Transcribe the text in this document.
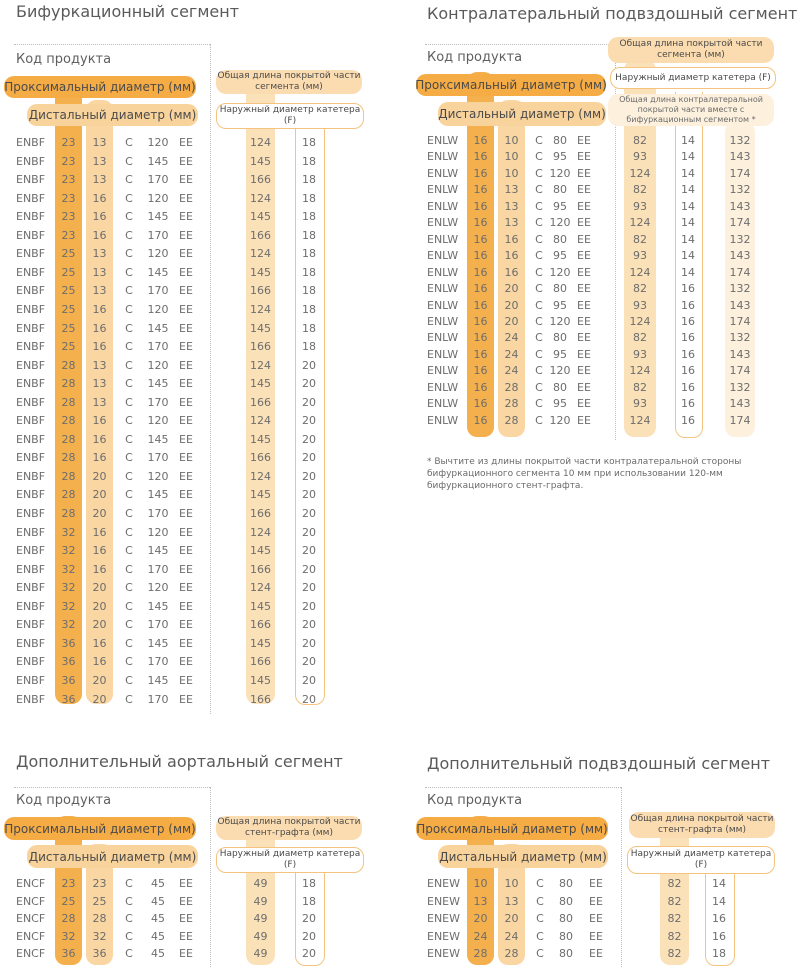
Бифуркационный сегмент
Код продукта
Проксимальный диаметр (мм)
Дистальный диаметр (мм)
Общая длина покрытой части сегмента (мм)
Наружный диаметр катетера (F)
ENBF	23	13	C	120 EE	124	18
ENBF	23	13	C	145 EE	145	18
ENBF	23	13	C	170 EE	166	18
ENBF	23	16	C	120 EE	124	18
ENBF	23	16	C	145 EE	145	18
ENBF	23	16	C	170 EE	166	18
ENBF	25	13	C	120 EE	124	18
ENBF	25	13	C	145 EE	145	18
ENBF	25	13	C	170 EE	166	18
ENBF	25	16	C	120 EE	124	18
ENBF	25	16	C	145 EE	145	18
ENBF	25	16	C	170 EE	166	18
ENBF	28	13	C	120 EE	124	20
ENBF	28	13	C	145 EE	145	20
ENBF	28	13	C	170 EE	166	20
ENBF	28	16	C	120 EE	124	20
ENBF	28	16	C	145 EE	145	20
ENBF	28	16	C	170 EE	166	20
ENBF	28	20	C	120 EE	124	20
ENBF	28	20	C	145 EE	145	20
ENBF	28	20	C	170 EE	166	20
ENBF	32	16	C	120 EE	124	20
ENBF	32	16	C	145 EE	145	20
ENBF	32	16	C	170 EE	166	20
ENBF	32	20	C	120 EE	124	20
ENBF	32	20	C	145 EE	145	20
ENBF	32	20	C	170 EE	166	20
ENBF	36	16	C	145 EE	145	20
ENBF	36	16	C	170 EE	166	20
ENBF	36	20	C	145 EE	145	20
ENBF	36	20	C	170 EE	166	20
Контралатеральный подвздошный сегмент
Код продукта
Проксимальный диаметр (мм)
Дистальный диаметр (мм)
Общая длина покрытой части сегмента (мм)
Наружный диаметр катетера (F)
Общая длина контралатеральной покрытой части вместе с бифуркационным сегментом *
ENLW	16	10	C 80 EE	82	14	132
ENLW	16	10	C 95 EE	93	14	143
ENLW	16	10	C 120 EE	124	14	174
ENLW	16	13	C 80 EE	82	14	132
ENLW	16	13	C 95 EE	93	14	143
ENLW	16	13	C 120 EE	124	14	174
ENLW	16	16	C 80 EE	82	14	132
ENLW	16	16	C 95 EE	93	14	143
ENLW	16	16	C 120 EE	124	14	174
ENLW	16	20	C 80 EE	82	16	132
ENLW	16	20	C 95 EE	93	16	143
ENLW	16	20	C 120 EE	124	16	174
ENLW	16	24	C 80 EE	82	16	132
ENLW	16	24	C 95 EE	93	16	143
ENLW	16	24	C 120 EE	124	16	174
ENLW	16	28	C 80 EE	82	16	132
ENLW	16	28	C 95 EE	93	16	143
ENLW	16	28	C 120 EE	124	16	174
* Вычтите из длины покрытой части контралатеральной стороны бифуркационного сегмента 10 мм при использовании 120-мм бифуркационного стент-графта.
Дополнительный аортальный сегмент
Код продукта
Проксимальный диаметр (мм)
Дистальный диаметр (мм)
Общая длина покрытой части стент-графта (мм)
Наружный диаметр катетера (F)
ENCF	23	23	C	45	EE	49	18
ENCF	25	25	C	45	EE	49	18
ENCF	28	28	C	45	EE	49	20
ENCF	32	32	C	45	EE	49	20
ENCF	36	36	C	45	EE	49	20
Дополнительный подвздошный сегмент
Код продукта
Проксимальный диаметр (мм)
Дистальный диаметр (мм)
Общая длина покрытой части стент-графта (мм)
Наружный диаметр катетера (F)
ENEW	10	10	C	80	EE	82	14
ENEW	13	13	C	80	EE	82	14
ENEW	20	20	C	80	EE	82	16
ENEW	24	24	C	80	EE	82	16
ENEW	28	28	C	80	EE	82	18
